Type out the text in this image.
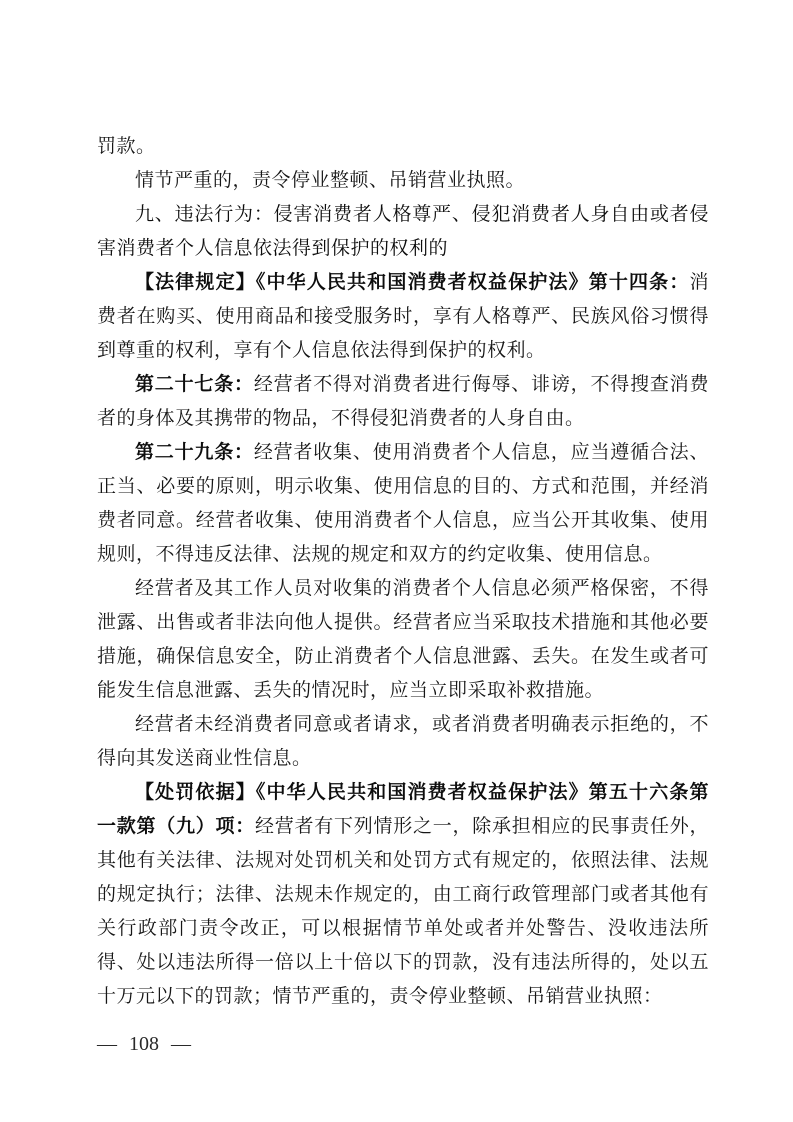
罚款。

情节严重的，责令停业整顿、吊销营业执照。

九、违法行为：侵害消费者人格尊严、侵犯消费者人身自由或者侵害消费者个人信息依法得到保护的权利的

【法律规定】《中华人民共和国消费者权益保护法》第十四条：消费者在购买、使用商品和接受服务时，享有人格尊严、民族风俗习惯得到尊重的权利，享有个人信息依法得到保护的权利。

第二十七条：经营者不得对消费者进行侮辱、诽谤，不得搜查消费者的身体及其携带的物品，不得侵犯消费者的人身自由。

第二十九条：经营者收集、使用消费者个人信息，应当遵循合法、正当、必要的原则，明示收集、使用信息的目的、方式和范围，并经消费者同意。经营者收集、使用消费者个人信息，应当公开其收集、使用规则，不得违反法律、法规的规定和双方的约定收集、使用信息。

经营者及其工作人员对收集的消费者个人信息必须严格保密，不得泄露、出售或者非法向他人提供。经营者应当采取技术措施和其他必要措施，确保信息安全，防止消费者个人信息泄露、丢失。在发生或者可能发生信息泄露、丢失的情况时，应当立即采取补救措施。

经营者未经消费者同意或者请求，或者消费者明确表示拒绝的，不得向其发送商业性信息。

【处罚依据】《中华人民共和国消费者权益保护法》第五十六条第一款第（九）项：经营者有下列情形之一，除承担相应的民事责任外，其他有关法律、法规对处罚机关和处罚方式有规定的，依照法律、法规的规定执行；法律、法规未作规定的，由工商行政管理部门或者其他有关行政部门责令改正，可以根据情节单处或者并处警告、没收违法所得、处以违法所得一倍以上十倍以下的罚款，没有违法所得的，处以五十万元以下的罚款；情节严重的，责令停业整顿、吊销营业执照：

— 108 —
